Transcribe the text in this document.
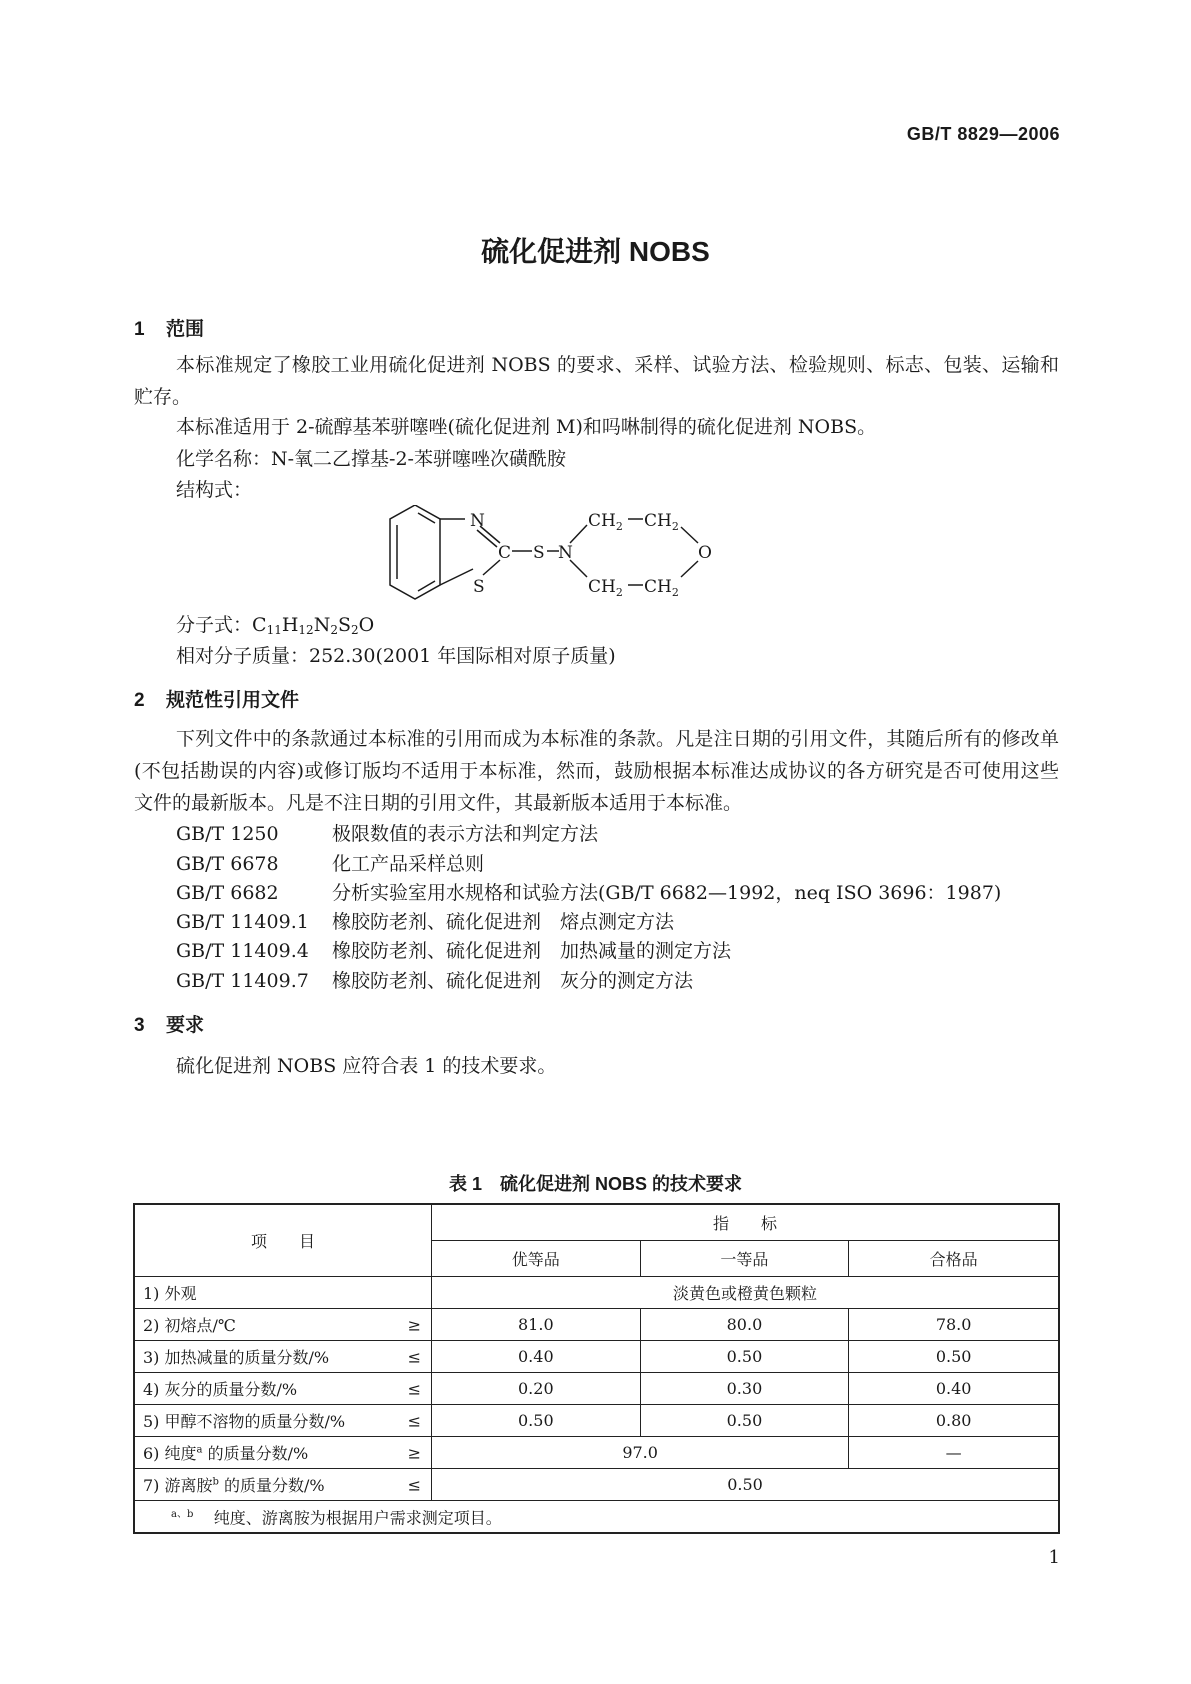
GB/T 8829—2006
硫化促进剂 NOBS
1 范围
本标准规定了橡胶工业用硫化促进剂 NOBS 的要求、采样、试验方法、检验规则、标志、包装、运输和贮存。
本标准适用于 2-硫醇基苯骈噻唑(硫化促进剂 M)和吗啉制得的硫化促进剂 NOBS。
化学名称：N-氧二乙撑基-2-苯骈噻唑次磺酰胺
结构式：
N
C S N
S
O
$CH_2$ $CH_2$
$CH_2$ $CH_2$
分子式：$C_{11}H_{12}N_2S_2O$
相对分子质量：252.30(2001 年国际相对原子质量)
2 规范性引用文件
下列文件中的条款通过本标准的引用而成为本标准的条款。凡是注日期的引用文件，其随后所有的修改单(不包括勘误的内容)或修订版均不适用于本标准，然而，鼓励根据本标准达成协议的各方研究是否可使用这些文件的最新版本。凡是不注日期的引用文件，其最新版本适用于本标准。
GB/T 1250	极限数值的表示方法和判定方法
GB/T 6678	化工产品采样总则
GB/T 6682	分析实验室用水规格和试验方法(GB/T 6682—1992，neq ISO 3696：1987)
GB/T 11409.1 橡胶防老剂、硫化促进剂　熔点测定方法
GB/T 11409.4 橡胶防老剂、硫化促进剂　加热减量的测定方法
GB/T 11409.7 橡胶防老剂、硫化促进剂　灰分的测定方法
3 要求
硫化促进剂 NOBS 应符合表 1 的技术要求。
表 1　硫化促进剂 NOBS 的技术要求
项　　目	指　　标		
	优等品	一等品	合格品
1) 外观	淡黄色或橙黄色颗粒		
2) 初熔点/℃ ≥	81.0	80.0	78.0
3) 加热减量的质量分数/% ≤	0.40	0.50	0.50
4) 灰分的质量分数/% ≤	0.20	0.30	0.40
5) 甲醇不溶物的质量分数/% ≤	0.50	0.50	0.80
6) 纯度$^a$ 的质量分数/% ≥	97.0		—
7) 游离胺$^b$ 的质量分数/% ≤	0.50		
$^{a、b}$ 纯度、游离胺为根据用户需求测定项目。			
1
